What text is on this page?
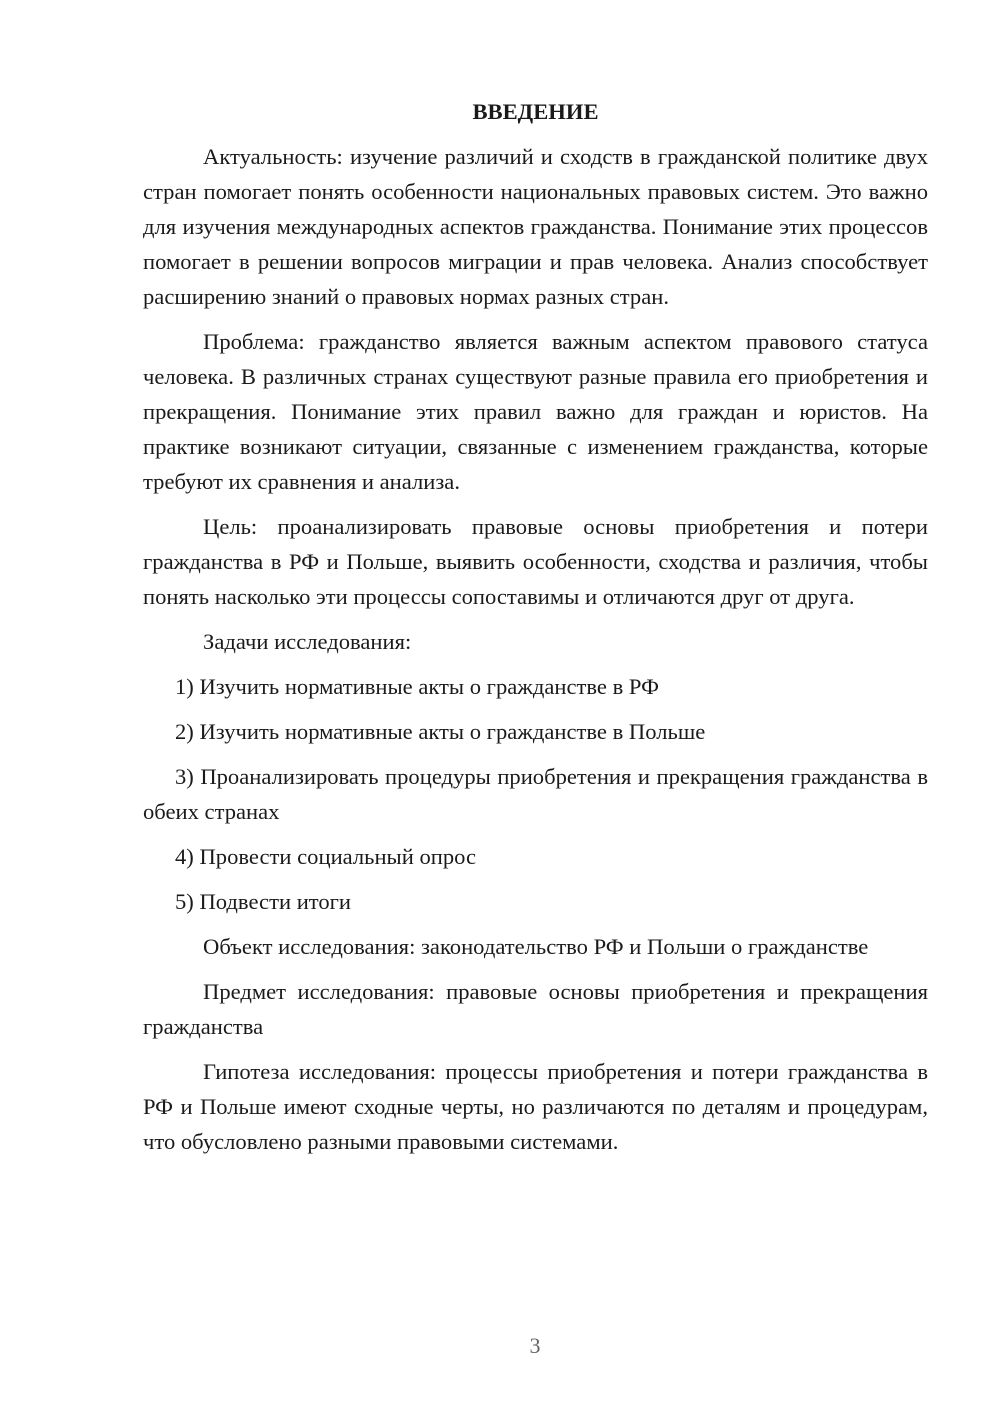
ВВЕДЕНИЕ

Актуальность: изучение различий и сходств в гражданской политике двух стран помогает понять особенности национальных правовых систем. Это важно для изучения международных аспектов гражданства. Понимание этих процессов помогает в решении вопросов миграции и прав человека. Анализ способствует расширению знаний о правовых нормах разных стран.

Проблема: гражданство является важным аспектом правового статуса человека. В различных странах существуют разные правила его приобретения и прекращения. Понимание этих правил важно для граждан и юристов. На практике возникают ситуации, связанные с изменением гражданства, которые требуют их сравнения и анализа.

Цель: проанализировать правовые основы приобретения и потери гражданства в РФ и Польше, выявить особенности, сходства и различия, чтобы понять насколько эти процессы сопоставимы и отличаются друг от друга.

Задачи исследования:

1) Изучить нормативные акты о гражданстве в РФ

2) Изучить нормативные акты о гражданстве в Польше

3) Проанализировать процедуры приобретения и прекращения гражданства в обеих странах

4) Провести социальный опрос

5) Подвести итоги

Объект исследования: законодательство РФ и Польши о гражданстве

Предмет исследования: правовые основы приобретения и прекращения гражданства

Гипотеза исследования: процессы приобретения и потери гражданства в РФ и Польше имеют сходные черты, но различаются по деталям и процедурам, что обусловлено разными правовыми системами.

3
